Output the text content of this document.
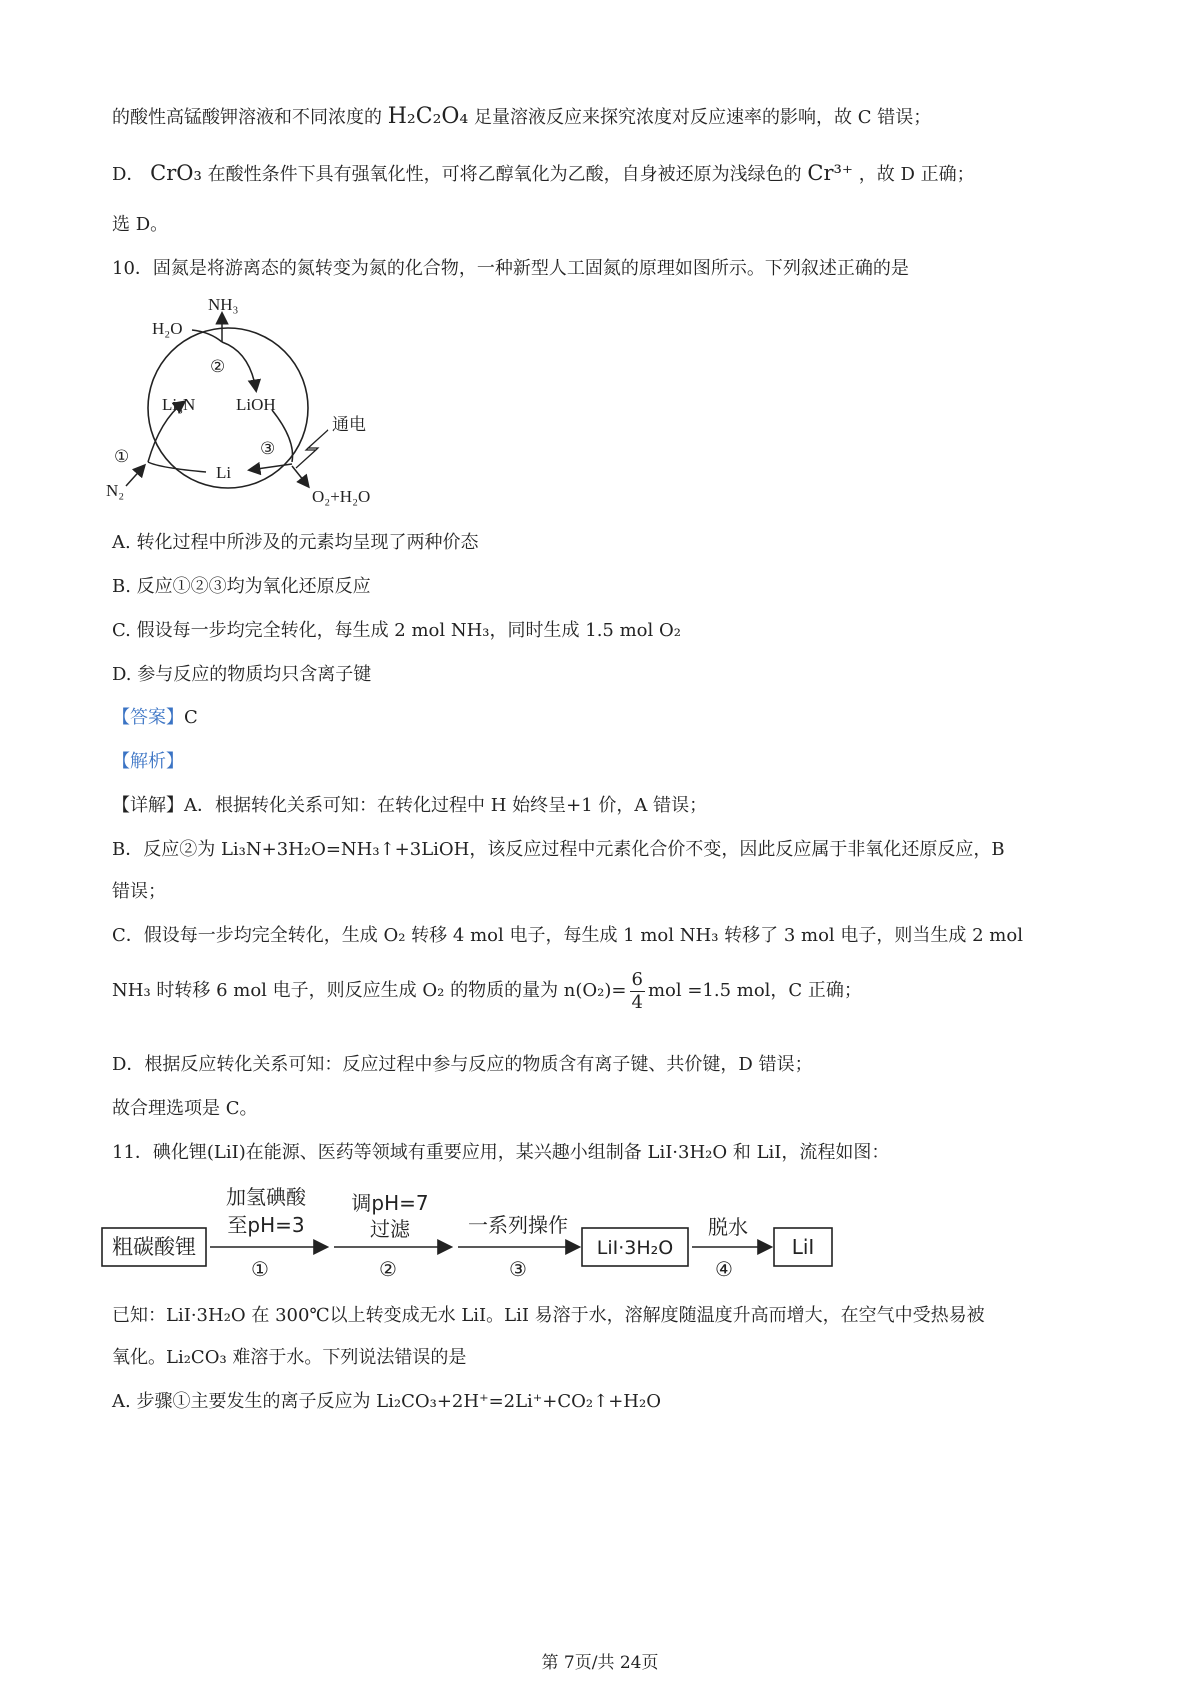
的酸性高锰酸钾溶液和不同浓度的 H₂C₂O₄ 足量溶液反应来探究浓度对反应速率的影响，故 C 错误；
D． CrO₃ 在酸性条件下具有强氧化性，可将乙醇氧化为乙酸，自身被还原为浅绿色的 Cr³⁺ ，故 D 正确；
选 D。
10．固氮是将游离态的氮转变为氮的化合物，一种新型人工固氮的原理如图所示。下列叙述正确的是
NH₃
H₂O
②
Li₃N LiOH
③
通电
①
Li
N₂	O₂+H₂O
A. 转化过程中所涉及的元素均呈现了两种价态
B. 反应①②③均为氧化还原反应
C. 假设每一步均完全转化，每生成 2 mol NH₃，同时生成 1.5 mol O₂
D. 参与反应的物质均只含离子键
【答案】C
【解析】
【详解】A．根据转化关系可知：在转化过程中 H 始终呈+1 价，A 错误；
B．反应②为 Li₃N+3H₂O=NH₃↑+3LiOH，该反应过程中元素化合价不变，因此反应属于非氧化还原反应，B
错误；
C．假设每一步均完全转化，生成 O₂ 转移 4 mol 电子，每生成 1 mol NH₃ 转移了 3 mol 电子，则当生成 2 mol
NH₃ 时转移 6 mol 电子，则反应生成 O₂ 的物质的量为 $n(O_2)= \frac{6}{4}$ mol =1.5 mol，C 正确；
D．根据反应转化关系可知：反应过程中参与反应的物质含有离子键、共价键，D 错误；
故合理选项是 C。
11．碘化锂(LiI)在能源、医药等领域有重要应用，某兴趣小组制备 LiI·3H₂O 和 LiI，流程如图：
粗碳酸锂
加氢碘酸
至pH=3
①
调pH=7
过滤
②
一系列操作
③
LiI·3H₂O
脱水
④
LiI
已知：LiI·3H₂O 在 300℃以上转变成无水 LiI。LiI 易溶于水，溶解度随温度升高而增大，在空气中受热易被
氧化。Li₂CO₃ 难溶于水。下列说法错误的是
A. 步骤①主要发生的离子反应为 Li₂CO₃+2H⁺=2Li⁺+CO₂↑+H₂O
第 7页/共 24页
